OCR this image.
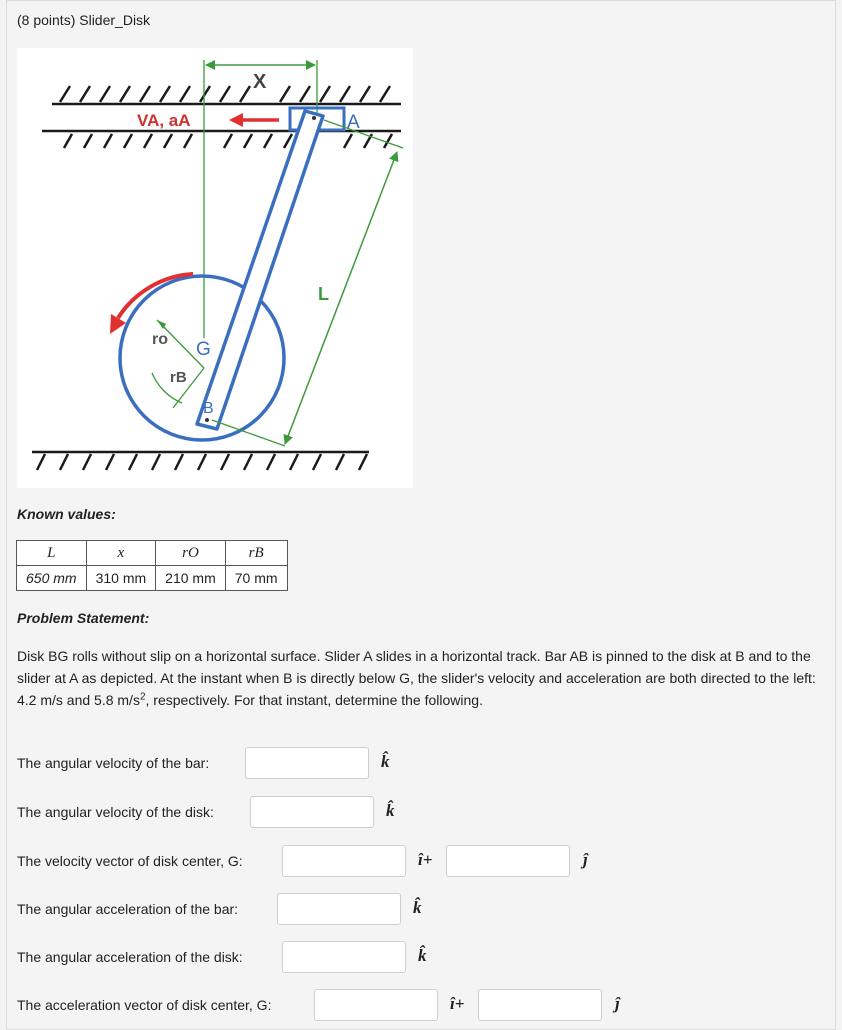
(8 points) Slider_Disk
X
VA, aA	A
ro
rB
G
B
L
Known values:
L	x	rO	rB
650 mm	310 mm	210 mm	70 mm
Problem Statement:
Disk BG rolls without slip on a horizontal surface. Slider A slides in a horizontal track. Bar AB is pinned to the disk at B and to the slider at A as depicted. At the instant when B is directly below G, the slider's velocity and acceleration are both directed to the left: 4.2 m/s and 5.8 $m/s^2$, respectively. For that instant, determine the following.
The angular velocity of the bar:	k̂
The angular velocity of the disk:	k̂
The velocity vector of disk center, G:	î+	ĵ
The angular acceleration of the bar:	k̂
The angular acceleration of the disk:	k̂
The acceleration vector of disk center, G:	î+	ĵ
